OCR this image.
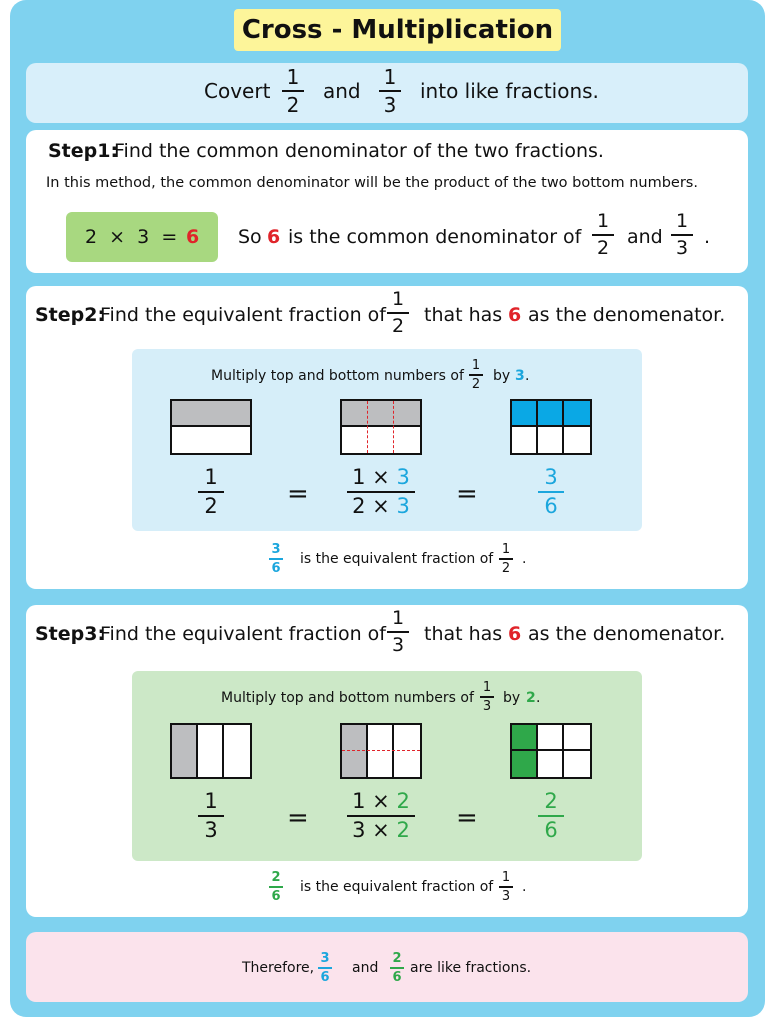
Cross - Multiplication
Covert
1
2
and
1
3
into like fractions.
Step1:
Find the common denominator of the two fractions.
In this method, the common denominator will be the product of the two bottom numbers.
2  ×  3  = 6 So 6 is the common denominator of
1
2 and
1
3 .
Step2:
Find the equivalent fraction of
1
2 that has 6 as the denomenator.
Multiply top and bottom numbers of
1
2
by 3 .
1
2	=
1 × 3
2 × 3 =
3
6
3
6
is the equivalent fraction of
1
2
.
Step3:
Find the equivalent fraction of
1
3 that has 6 as the denomenator.
Multiply top and bottom numbers of
1
3
by 2 .
1
3	=
1 × 2
3 × 2 =
2
6
2
6
is the equivalent fraction of
1
3
.
Therefore,
3
6
and
2
6
are like fractions.
